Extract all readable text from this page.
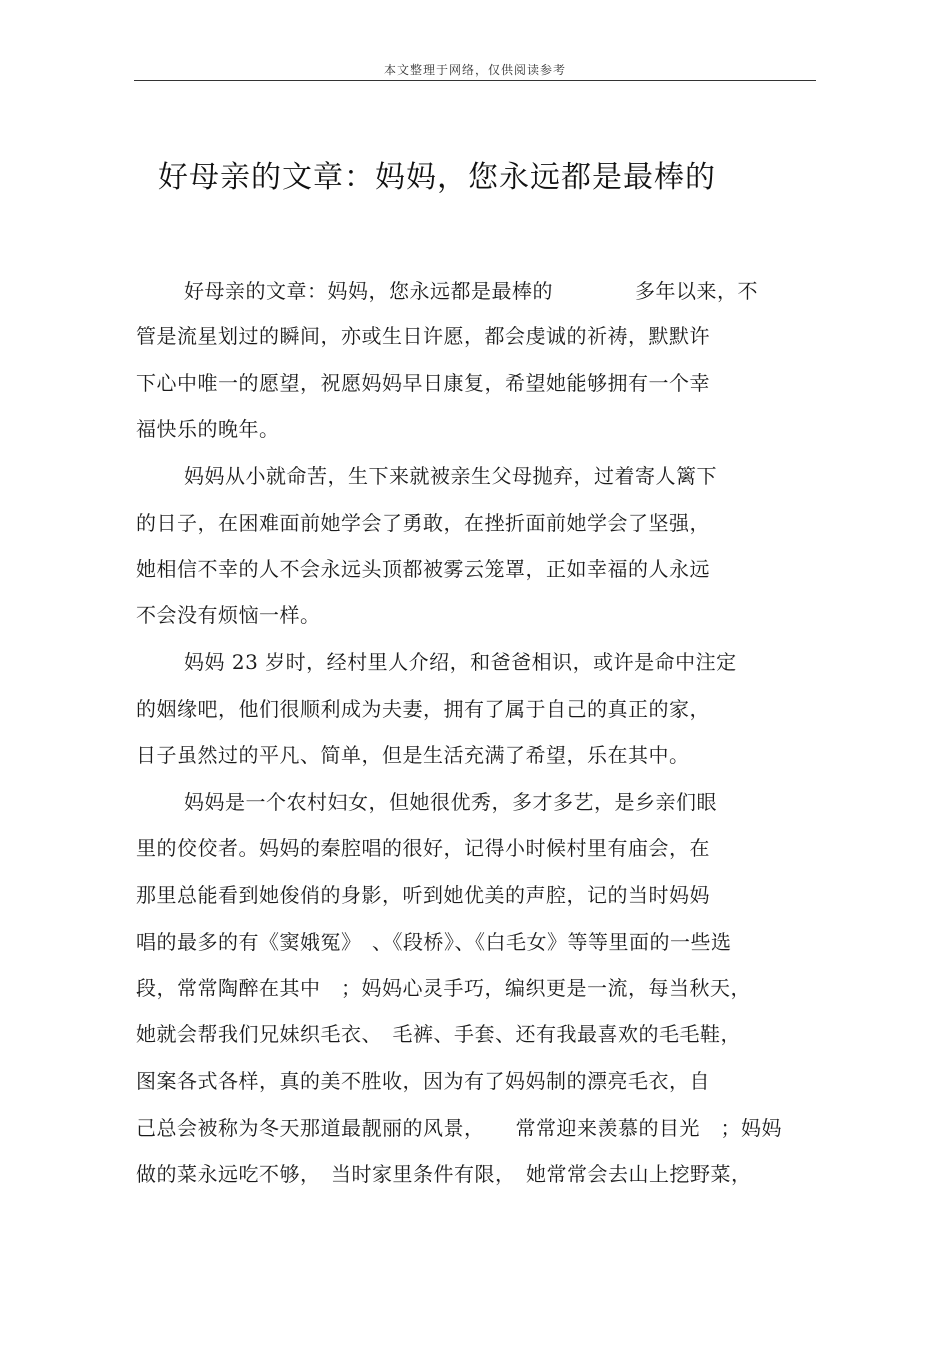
本文整理于网络，仅供阅读参考
好母亲的文章：妈妈，您永远都是最棒的
好母亲的文章：妈妈，您永远都是最棒的　　　　多年以来，不
管是流星划过的瞬间，亦或生日许愿，都会虔诚的祈祷，默默许
下心中唯一的愿望，祝愿妈妈早日康复，希望她能够拥有一个幸
福快乐的晚年。
妈妈从小就命苦，生下来就被亲生父母抛弃，过着寄人篱下
的日子，在困难面前她学会了勇敢，在挫折面前她学会了坚强，
她相信不幸的人不会永远头顶都被雾云笼罩，正如幸福的人永远
不会没有烦恼一样。
妈妈 23 岁时，经村里人介绍，和爸爸相识，或许是命中注定
的姻缘吧，他们很顺利成为夫妻，拥有了属于自己的真正的家，
日子虽然过的平凡、简单，但是生活充满了希望，乐在其中。
妈妈是一个农村妇女，但她很优秀，多才多艺，是乡亲们眼
里的佼佼者。妈妈的秦腔唱的很好，记得小时候村里有庙会，在
那里总能看到她俊俏的身影，听到她优美的声腔，记的当时妈妈
唱的最多的有《窦娥冤》　、《段桥》、《白毛女》等等里面的一些选
段，常常陶醉在其中　；妈妈心灵手巧，编织更是一流，每当秋天，
她就会帮我们兄妹织毛衣、　毛裤、手套、还有我最喜欢的毛毛鞋，
图案各式各样，真的美不胜收，因为有了妈妈制的漂亮毛衣，自
己总会被称为冬天那道最靓丽的风景，　　常常迎来羡慕的目光　；妈妈
做的菜永远吃不够，　当时家里条件有限，　她常常会去山上挖野菜，
